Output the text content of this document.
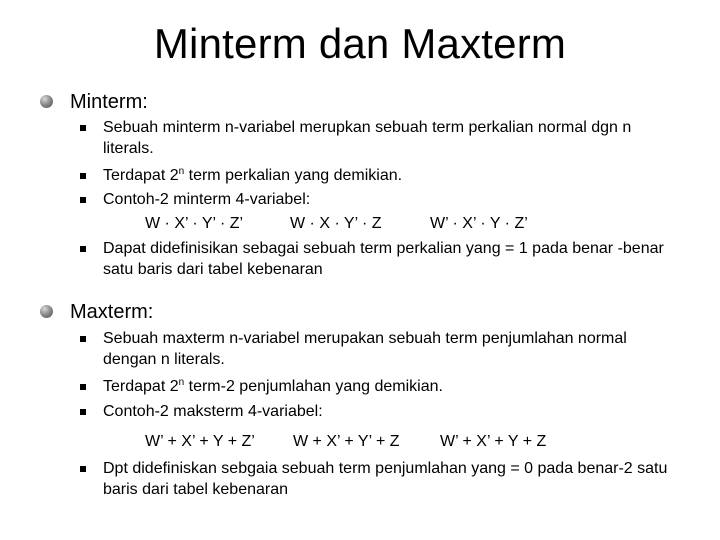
Minterm dan Maxterm
Minterm:
Sebuah minterm n-variabel merupkan sebuah term perkalian normal dgn n literals.
Terdapat 2$^n$ term perkalian yang demikian.
Contoh-2 minterm 4-variabel:
W · X’ · Y’ · Z’	W · X · Y’ · Z	W’ · X’ · Y · Z’
Dapat didefinisikan sebagai sebuah term perkalian yang = 1 pada benar -benar satu baris dari tabel kebenaran
Maxterm:
Sebuah maxterm n-variabel merupakan sebuah term penjumlahan normal dengan n literals.
Terdapat 2$^n$ term-2 penjumlahan yang demikian.
Contoh-2 maksterm 4-variabel:
W’ + X’ + Y + Z’ W + X’ + Y’ + Z	W’ + X’ + Y + Z
Dpt didefiniskan sebgaia sebuah term penjumlahan yang = 0 pada benar-2 satu baris dari tabel kebenaran
